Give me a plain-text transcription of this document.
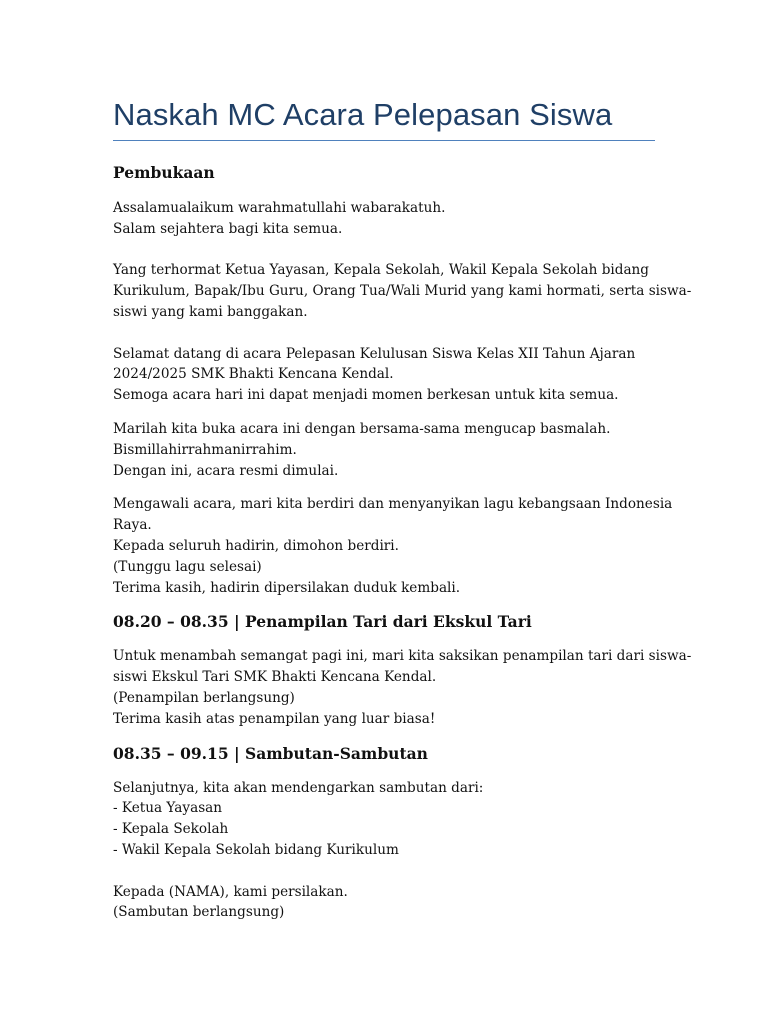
Naskah MC Acara Pelepasan Siswa
Pembukaan

Assalamualaikum warahmatullahi wabarakatuh.
Salam sejahtera bagi kita semua.
Yang terhormat Ketua Yayasan, Kepala Sekolah, Wakil Kepala Sekolah bidang
Kurikulum, Bapak/Ibu Guru, Orang Tua/Wali Murid yang kami hormati, serta siswa-
siswi yang kami banggakan.
Selamat datang di acara Pelepasan Kelulusan Siswa Kelas XII Tahun Ajaran
2024/2025 SMK Bhakti Kencana Kendal.
Semoga acara hari ini dapat menjadi momen berkesan untuk kita semua.

Marilah kita buka acara ini dengan bersama-sama mengucap basmalah.
Bismillahirrahmanirrahim.
Dengan ini, acara resmi dimulai.

Mengawali acara, mari kita berdiri dan menyanyikan lagu kebangsaan Indonesia
Raya.
Kepada seluruh hadirin, dimohon berdiri.
(Tunggu lagu selesai)
Terima kasih, hadirin dipersilakan duduk kembali.

08.20 – 08.35 | Penampilan Tari dari Ekskul Tari

Untuk menambah semangat pagi ini, mari kita saksikan penampilan tari dari siswa-
siswi Ekskul Tari SMK Bhakti Kencana Kendal.
(Penampilan berlangsung)
Terima kasih atas penampilan yang luar biasa!

08.35 – 09.15 | Sambutan-Sambutan

Selanjutnya, kita akan mendengarkan sambutan dari:
- Ketua Yayasan
- Kepala Sekolah
- Wakil Kepala Sekolah bidang Kurikulum
Kepada (NAMA), kami persilakan.
(Sambutan berlangsung)
